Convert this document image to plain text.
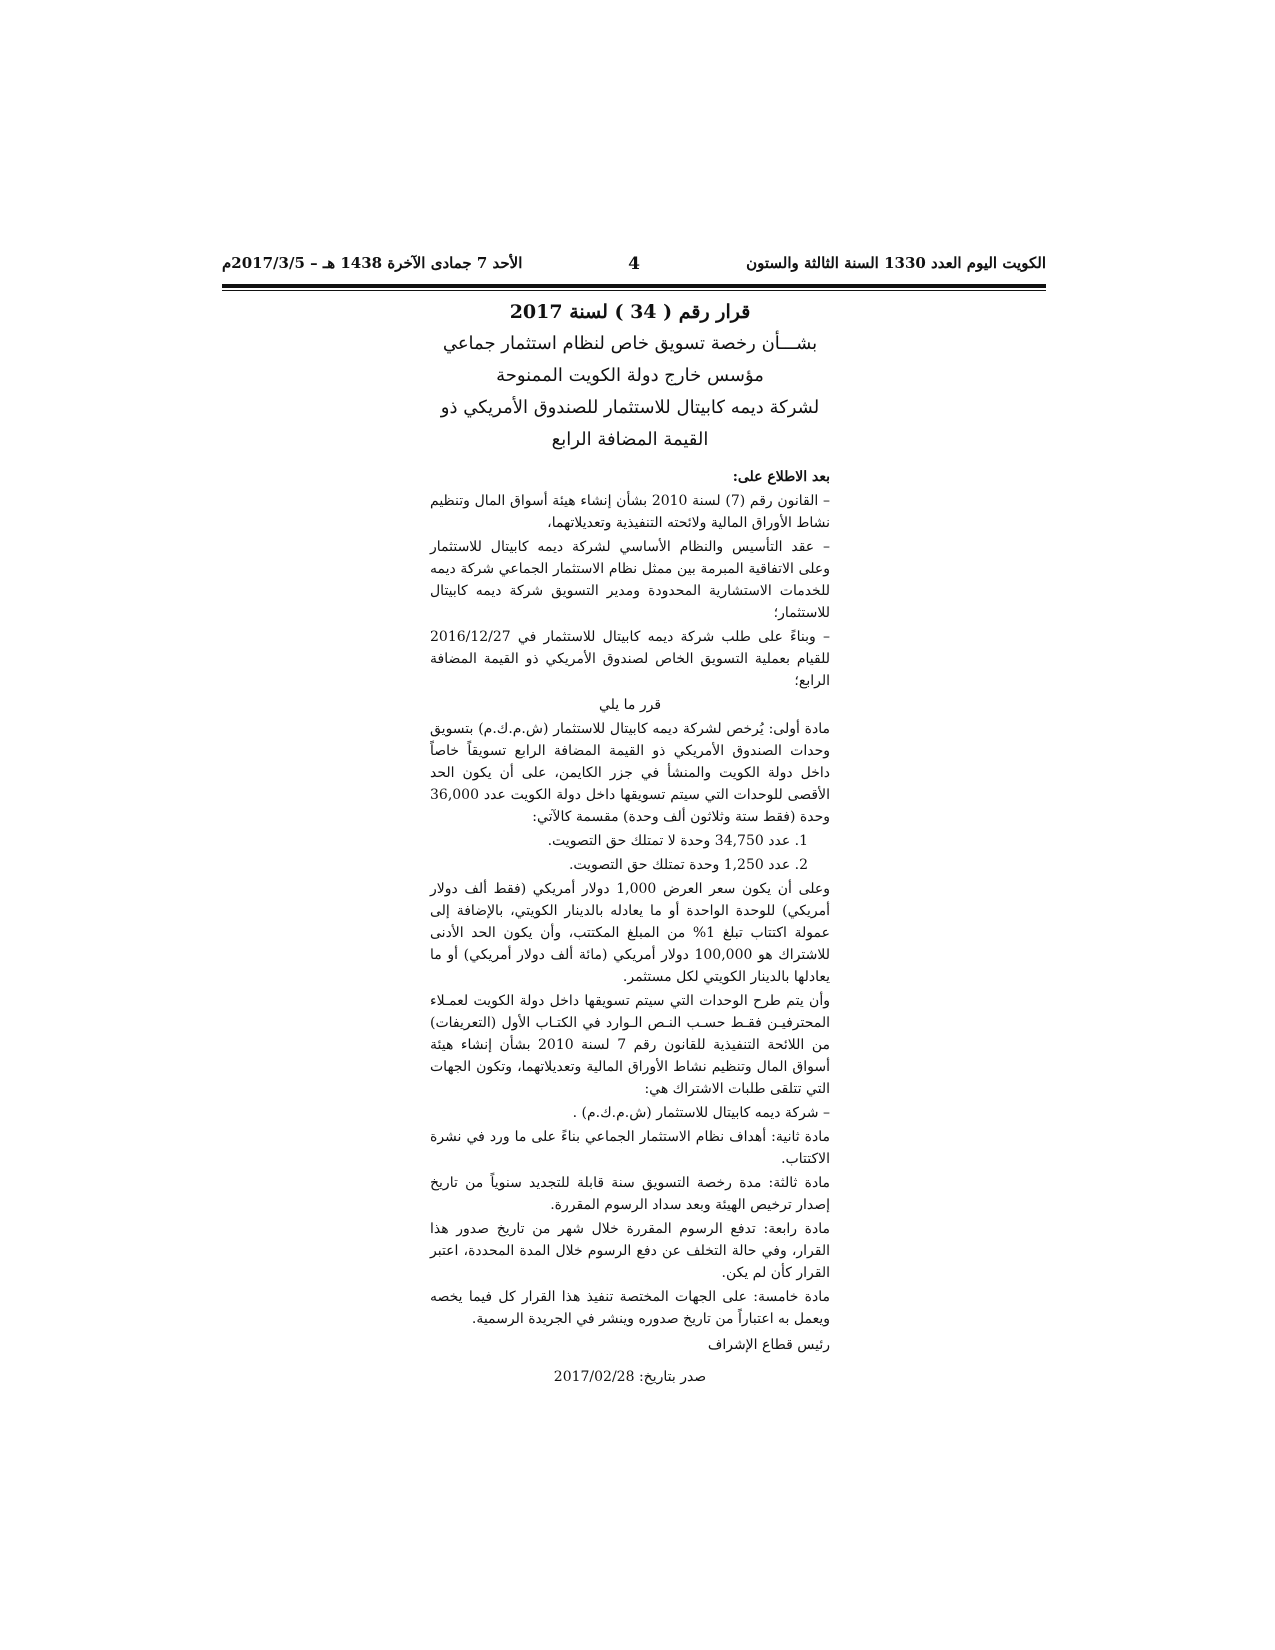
الكويت اليوم العدد 1330 السنة الثالثة والستون
4
الأحد 7 جمادى الآخرة 1438 هـ – 2017/3/5م
قرار رقم ( 34 ) لسنة 2017
بشـــأن رخصة تسويق خاص لنظام استثمار جماعي
مؤسس خارج دولة الكويت الممنوحة
لشركة ديمه كابيتال للاستثمار للصندوق الأمريكي ذو
القيمة المضافة الرابع

بعد الاطلاع على:

– القانون رقم (7) لسنة 2010 بشأن إنشاء هيئة أسواق المال وتنظيم نشاط الأوراق المالية ولائحته التنفيذية وتعديلاتهما،

– عقد التأسيس والنظام الأساسي لشركة ديمه كابيتال للاستثمار وعلى الاتفاقية المبرمة بين ممثل نظام الاستثمار الجماعي شركة ديمه للخدمات الاستشارية المحدودة ومدير التسويق شركة ديمه كابيتال للاستثمار؛

– وبناءً على طلب شركة ديمه كابيتال للاستثمار في 2016/12/27 للقيام بعملية التسويق الخاص لصندوق الأمريكي ذو القيمة المضافة الرابع؛

قرر ما يلي

مادة أولى: يُرخص لشركة ديمه كابيتال للاستثمار (ش.م.ك.م) بتسويق وحدات الصندوق الأمريكي ذو القيمة المضافة الرابع تسويقاً خاصاً داخل دولة الكويت والمنشأ في جزر الكايمن، على أن يكون الحد الأقصى للوحدات التي سيتم تسويقها داخل دولة الكويت عدد 36,000 وحدة (فقط ستة وثلاثون ألف وحدة) مقسمة كالآتي:

1. عدد 34,750 وحدة لا تمتلك حق التصويت.

2. عدد 1,250 وحدة تمتلك حق التصويت.

وعلى أن يكون سعر العرض 1,000 دولار أمريكي (فقط ألف دولار أمريكي) للوحدة الواحدة أو ما يعادله بالدينار الكويتي، بالإضافة إلى عمولة اكتتاب تبلغ 1% من المبلغ المكتتب، وأن يكون الحد الأدنى للاشتراك هو 100,000 دولار أمريكي (مائة ألف دولار أمريكي) أو ما يعادلها بالدينار الكويتي لكل مستثمر.

وأن يتم طرح الوحدات التي سيتم تسويقها داخل دولة الكويت لعمـلاء المحترفيـن فقـط حسـب النـص الـوارد في الكتـاب الأول (التعريفات) من اللائحة التنفيذية للقانون رقم 7 لسنة 2010 بشأن إنشاء هيئة أسواق المال وتنظيم نشاط الأوراق المالية وتعديلاتهما، وتكون الجهات التي تتلقى طلبات الاشتراك هي:

– شركة ديمه كابيتال للاستثمار (ش.م.ك.م) .

مادة ثانية: أهداف نظام الاستثمار الجماعي بناءً على ما ورد في نشرة الاكتتاب.

مادة ثالثة: مدة رخصة التسويق سنة قابلة للتجديد سنوياً من تاريخ إصدار ترخيص الهيئة وبعد سداد الرسوم المقررة.

مادة رابعة: تدفع الرسوم المقررة خلال شهر من تاريخ صدور هذا القرار، وفي حالة التخلف عن دفع الرسوم خلال المدة المحددة، اعتبر القرار كأن لم يكن.

مادة خامسة: على الجهات المختصة تنفيذ هذا القرار كل فيما يخصه ويعمل به اعتباراً من تاريخ صدوره وينشر في الجريدة الرسمية.

رئيس قطاع الإشراف

صدر بتاريخ: 2017/02/28
